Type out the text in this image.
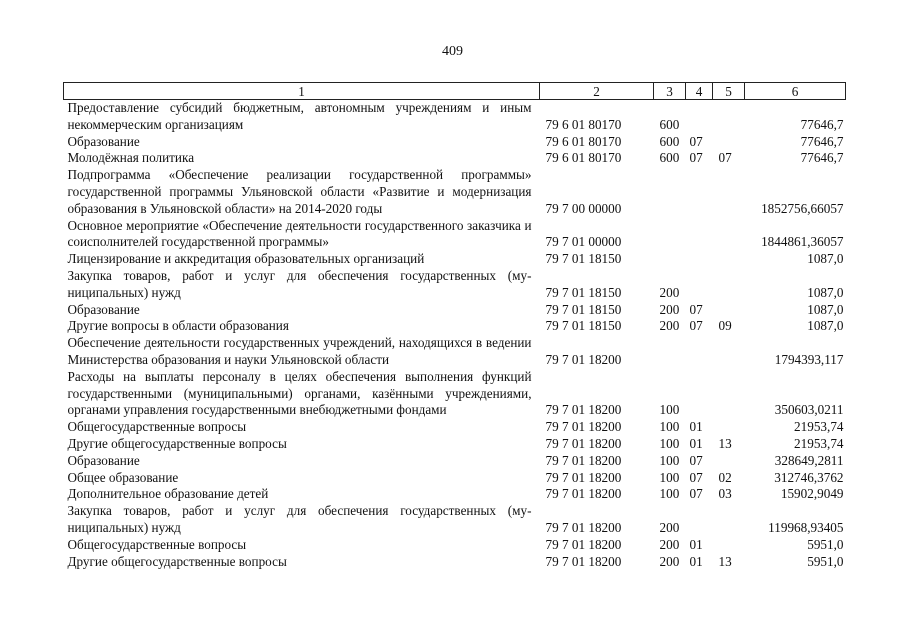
409
1	2	3	4	5	6
Предоставление субсидий бюджетным, автономным учреждениям и иным некоммерческим организациям	79 6 01 80170	600			77646,7
Образование	79 6 01 80170	600	07		77646,7
Молодёжная политика	79 6 01 80170	600	07	07	77646,7
Подпрограмма «Обеспечение реализации государственной программы» государственной программы Ульяновской области «Развитие и модернизация образования в Ульяновской области» на 2014-2020 годы	79 7 00 00000				1852756,66057
Основное мероприятие «Обеспечение деятельности государственного заказчика и соисполнителей государственной программы»	79 7 01 00000				1844861,36057
Лицензирование и аккредитация образовательных организаций	79 7 01 18150				1087,0
Закупка товаров, работ и услуг для обеспечения государственных (муниципальных) нужд	79 7 01 18150	200			1087,0
Образование	79 7 01 18150	200	07		1087,0
Другие вопросы в области образования	79 7 01 18150	200	07	09	1087,0
Обеспечение деятельности государственных учреждений, находящихся в ведении Министерства образования и науки Ульяновской области	79 7 01 18200				1794393,117
Расходы на выплаты персоналу в целях обеспечения выполнения функций государственными (муниципальными) органами, казёнными учреждениями, органами управления государственными внебюджетными фондами	79 7 01 18200	100			350603,0211
Общегосударственные вопросы	79 7 01 18200	100	01		21953,74
Другие общегосударственные вопросы	79 7 01 18200	100	01	13	21953,74
Образование	79 7 01 18200	100	07		328649,2811
Общее образование	79 7 01 18200	100	07	02	312746,3762
Дополнительное образование детей	79 7 01 18200	100	07	03	15902,9049
Закупка товаров, работ и услуг для обеспечения государственных (муниципальных) нужд	79 7 01 18200	200			119968,93405
Общегосударственные вопросы	79 7 01 18200	200	01		5951,0
Другие общегосударственные вопросы	79 7 01 18200	200	01	13	5951,0
